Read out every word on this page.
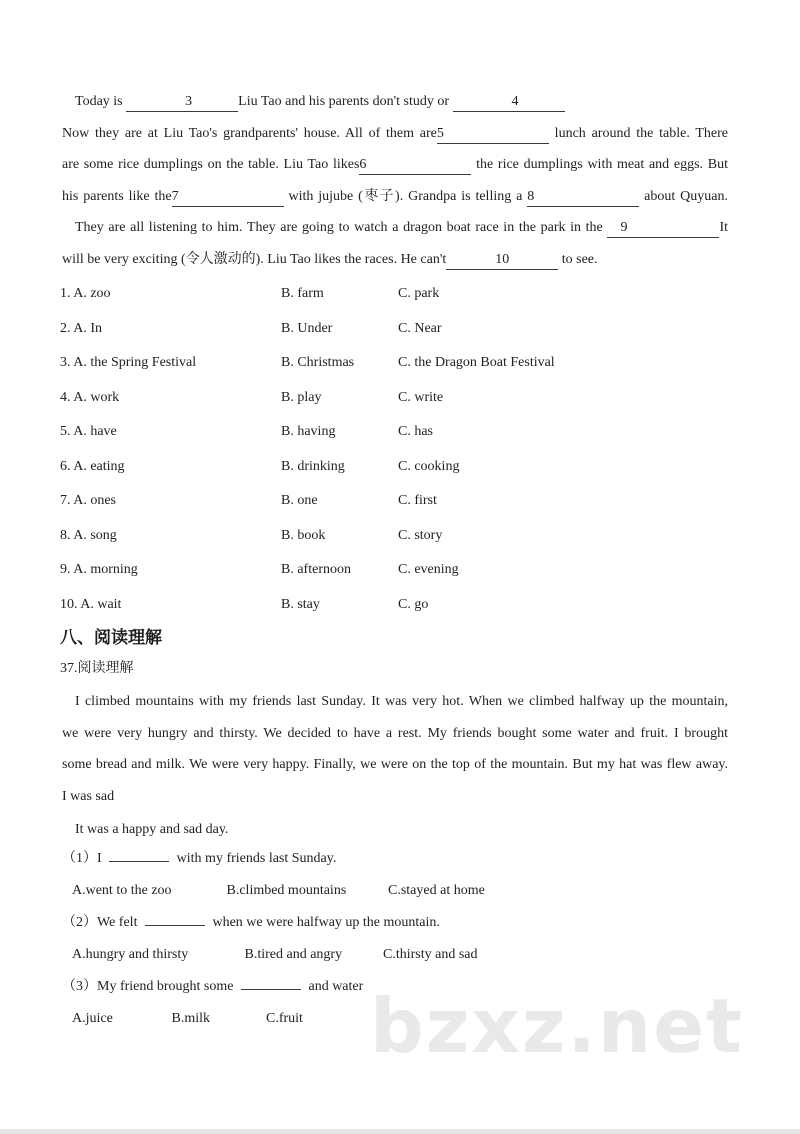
Today is	3	Liu Tao and his parents don't study or	4
Now they are at Liu Tao's grandparents' house. All of them are5	lunch around the table. There
are some rice dumplings on the table. Liu Tao likes6	the rice dumplings with meat and eggs. But
his parents like the7	with jujube (枣子). Grandpa is telling a 8	about Quyuan.
They are all listening to him. They are going to watch a dragon boat race in the park in the 9	It
will be very exciting (令人激动的). Liu Tao likes the races. He can't	10	to see.
1. A. zoo	B. farm	C. park
2. A. In	B. Under	C. Near
3. A. the Spring Festival	B. Christmas	C. the Dragon Boat Festival
4. A. work	B. play	C. write
5. A. have	B. having	C. has
6. A. eating	B. drinking	C. cooking
7. A. ones	B. one	C. first
8. A. song	B. book	C. story
9. A. morning	B. afternoon	C. evening
10. A. wait	B. stay	C. go
八、阅读理解
37.阅读理解
I climbed mountains with my friends last Sunday. It was very hot. When we climbed halfway up the mountain,
we were very hungry and thirsty. We decided to have a rest. My friends bought some water and fruit. I brought
some bread and milk. We were very happy. Finally, we were on the top of the mountain. But my hat was flew away.
I was sad
It was a happy and sad day.
（1）I	with my friends last Sunday.
A.went to the zoo	B.climbed mountains	C.stayed at home
（2）We felt	when we were halfway up the mountain.
A.hungry and thirsty	B.tired and angry	C.thirsty and sad
（3）My friend brought some	and water
A.juice	B.milk	C.fruit bzxz.net
